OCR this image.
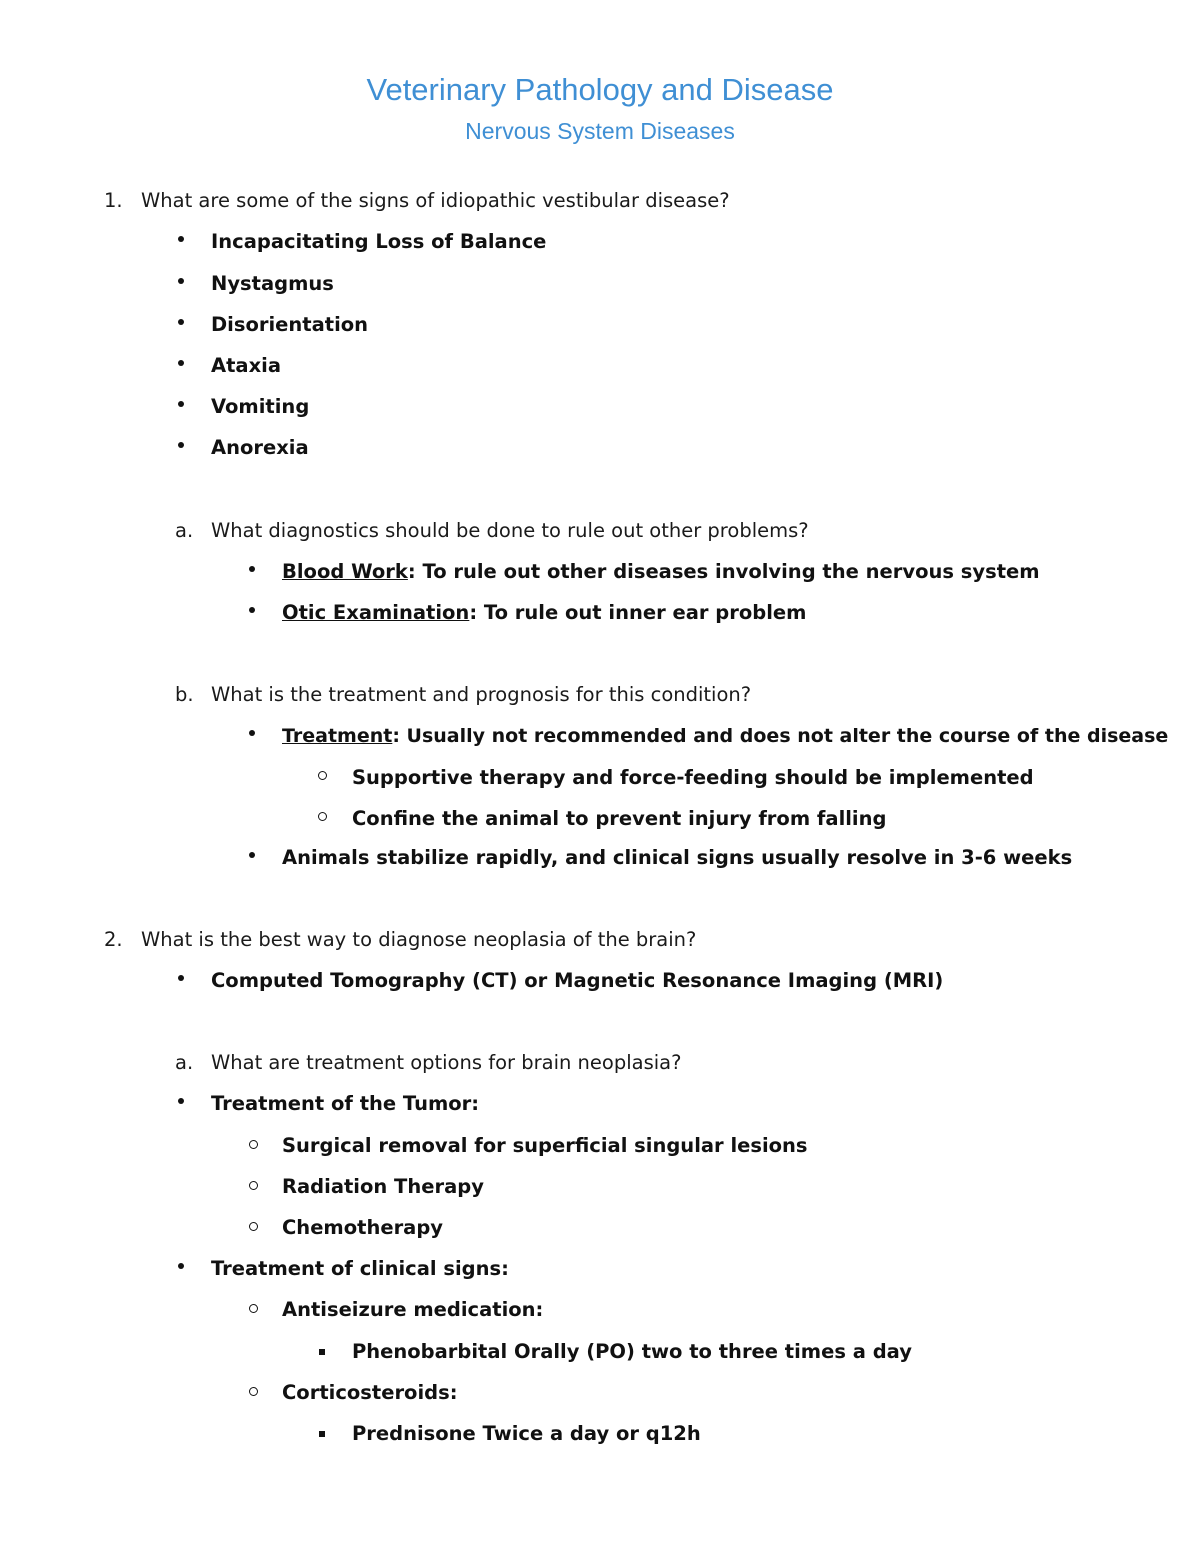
Veterinary Pathology and Disease
Nervous System Diseases
1. What are some of the signs of idiopathic vestibular disease?
Incapacitating Loss of Balance
Nystagmus
Disorientation
Ataxia
Vomiting
Anorexia
a. What diagnostics should be done to rule out other problems?
Blood Work: To rule out other diseases involving the nervous system
Otic Examination: To rule out inner ear problem
b. What is the treatment and prognosis for this condition?
Treatment: Usually not recommended and does not alter the course of the disease
Supportive therapy and force-feeding should be implemented
Confine the animal to prevent injury from falling
Animals stabilize rapidly, and clinical signs usually resolve in 3-6 weeks
2. What is the best way to diagnose neoplasia of the brain?
Computed Tomography (CT) or Magnetic Resonance Imaging (MRI)
a. What are treatment options for brain neoplasia?
Treatment of the Tumor:
Surgical removal for superficial singular lesions
Radiation Therapy
Chemotherapy
Treatment of clinical signs:
Antiseizure medication:
Phenobarbital Orally (PO) two to three times a day
Corticosteroids:
Prednisone Twice a day or q12h
